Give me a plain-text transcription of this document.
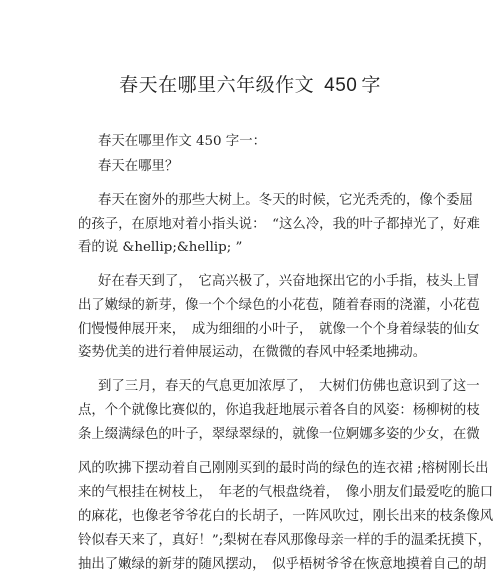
春天在哪里六年级作文 450 字
春天在哪里作文 450 字一：
春天在哪里？
春天在窗外的那些大树上。冬天的时候，它光秃秃的，像个委屈
的孩子，在原地对着小指头说：　“这么冷，我的叶子都掉光了，好难
看的说 &hellip;&hellip; ”
好在春天到了，　它高兴极了，兴奋地探出它的小手指，枝头上冒
出了嫩绿的新芽，像一个个绿色的小花苞，随着春雨的浇灌，小花苞
们慢慢伸展开来，　成为细细的小叶子，　就像一个个身着绿装的仙女
姿势优美的进行着伸展运动，在微微的春风中轻柔地拂动。
到了三月，春天的气息更加浓厚了，　大树们仿佛也意识到了这一
点，个个就像比赛似的，你追我赶地展示着各自的风姿：杨柳树的枝
条上缀满绿色的叶子，翠绿翠绿的，就像一位婀娜多姿的少女，在微
风的吹拂下摆动着自己刚刚买到的最时尚的绿色的连衣裙 ;榕树刚长出
来的气根挂在树枝上，　年老的气根盘绕着，　像小朋友们最爱吃的脆口
的麻花，也像老爷爷花白的长胡子，一阵风吹过，刚长出来的枝条像风
铃似春天来了，真好！”;梨树在春风那像母亲一样的手的温柔抚摸下，
抽出了嫩绿的新芽的随风摆动，　似乎梧树爷爷在恢意地摸着自己的胡
